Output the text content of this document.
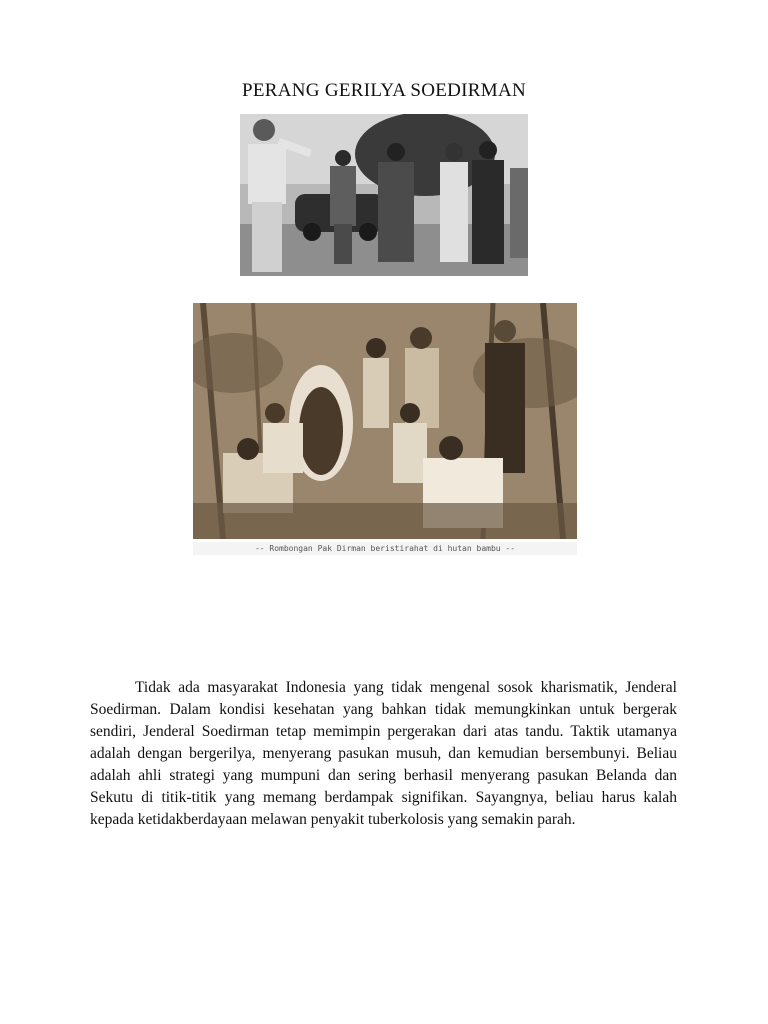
PERANG GERILYA SOEDIRMAN
-- Rombongan Pak Dirman beristirahat di hutan bambu --

Tidak ada masyarakat Indonesia yang tidak mengenal sosok kharismatik, Jenderal Soedirman. Dalam kondisi kesehatan yang bahkan tidak memungkinkan untuk bergerak sendiri, Jenderal Soedirman tetap memimpin pergerakan dari atas tandu. Taktik utamanya adalah dengan bergerilya, menyerang pasukan musuh, dan kemudian bersembunyi. Beliau adalah ahli strategi yang mumpuni dan sering berhasil menyerang pasukan Belanda dan Sekutu di titik-titik yang memang berdampak signifikan. Sayangnya, beliau harus kalah kepada ketidakberdayaan melawan penyakit tuberkolosis yang semakin parah.
